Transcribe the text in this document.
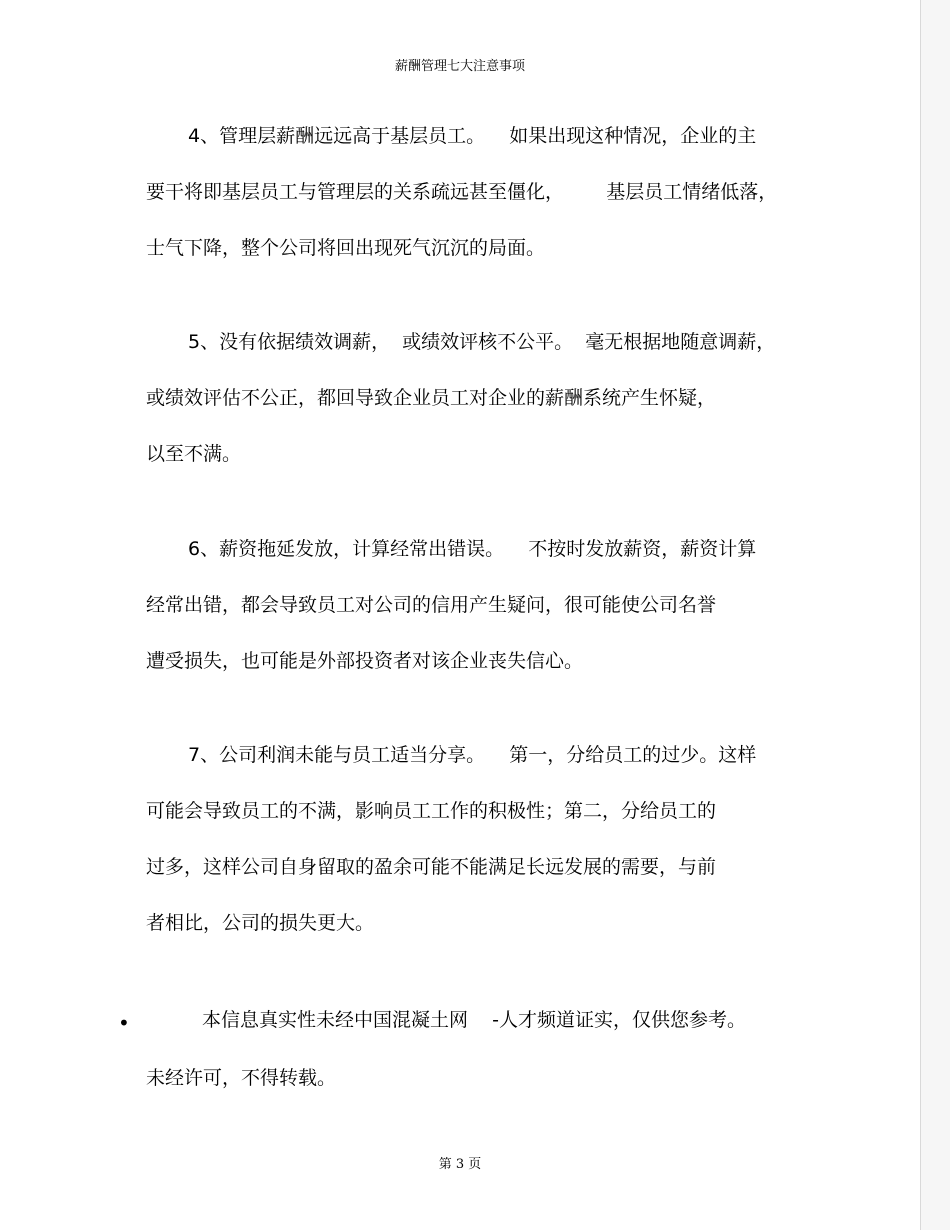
薪酬管理七大注意事项
4、管理层薪酬远远高于基层员工。    如果出现这种情况，企业的主
要干将即基层员工与管理层的关系疏远甚至僵化，       基层员工情绪低落，
士气下降，整个公司将回出现死气沉沉的局面。
5、没有依据绩效调薪，  或绩效评核不公平。  毫无根据地随意调薪，
或绩效评估不公正，都回导致企业员工对企业的薪酬系统产生怀疑，
以至不满。
6、薪资拖延发放，计算经常出错误。    不按时发放薪资，薪资计算
经常出错，都会导致员工对公司的信用产生疑问，很可能使公司名誉
遭受损失，也可能是外部投资者对该企业丧失信心。
7、公司利润未能与员工适当分享。    第一，分给员工的过少。这样
可能会导致员工的不满，影响员工工作的积极性；第二，分给员工的
过多，这样公司自身留取的盈余可能不能满足长远发展的需要，与前
者相比，公司的损失更大。
•	本信息真实性未经中国混凝土网    -人才频道证实，仅供您参考。
未经许可，不得转载。
第 3 页
